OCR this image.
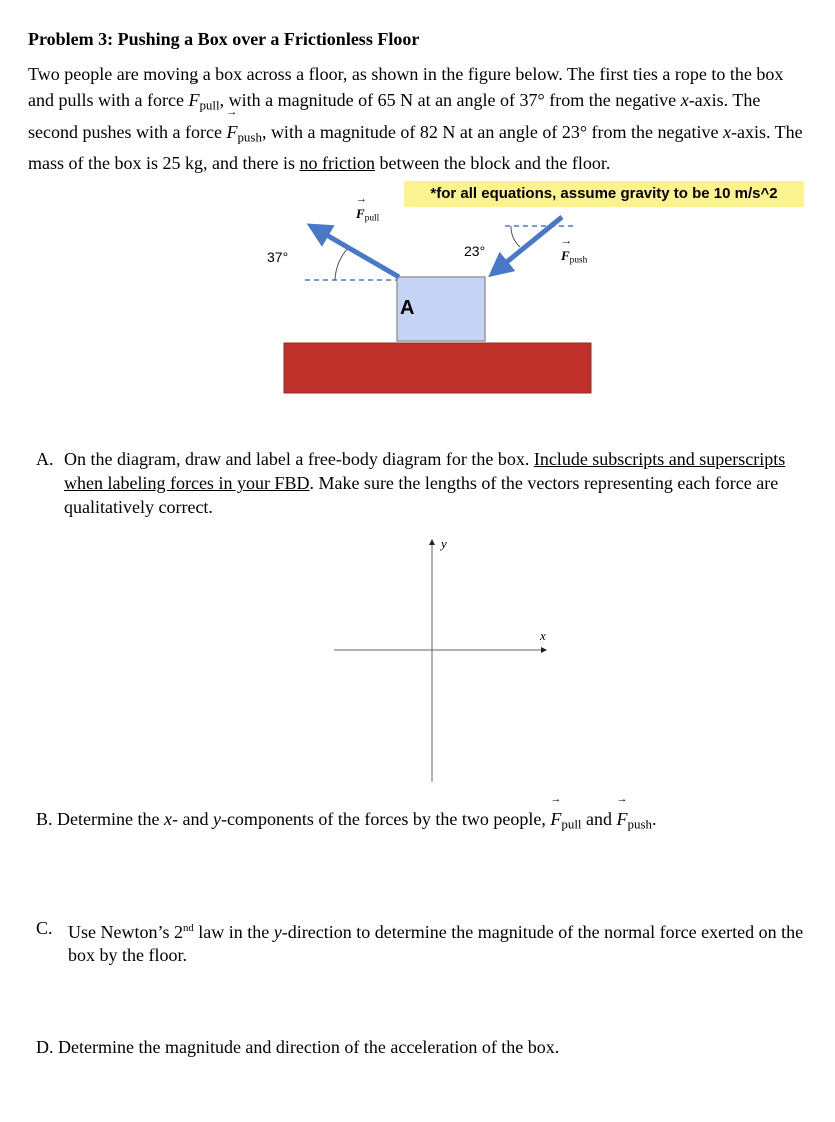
Problem 3: Pushing a Box over a Frictionless Floor
Two people are moving a box across a floor, as shown in the figure below. The first ties a rope to the box and pulls with a force → $F_{pull}$, with a magnitude of 65 N at an angle of 37° from the negative x-axis. The second pushes with a force → $F_{push}$, with a magnitude of 82 N at an angle of 23° from the negative x-axis. The mass of the box is 25 kg, and there is no friction between the block and the floor.
*for all equations, assume gravity to be 10 m/s^2
→ $F_{pull}$
→ $F_{push}$
37°	23°
A
A. On the diagram, draw and label a free-body diagram for the box. Include subscripts and superscripts when labeling forces in your FBD. Make sure the lengths of the vectors representing each force are qualitatively correct.
y
x
B. Determine the x- and y-components of the forces by the two people, → $F_{pull}$ and → $F_{push}$.
C. Use Newton’s 2nd law in the y-direction to determine the magnitude of the normal force exerted on the box by the floor.
D. Determine the magnitude and direction of the acceleration of the box.
